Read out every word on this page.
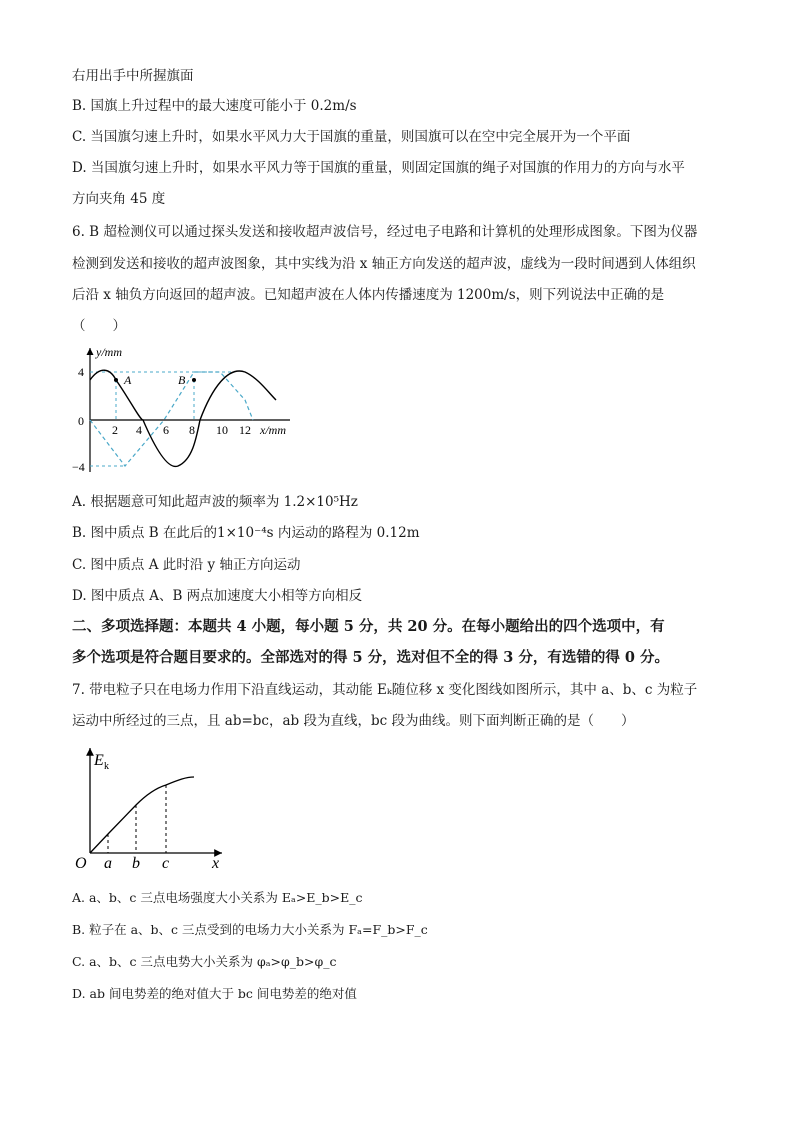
右用出手中所握旗面
B. 国旗上升过程中的最大速度可能小于 0.2m/s
C. 当国旗匀速上升时，如果水平风力大于国旗的重量，则国旗可以在空中完全展开为一个平面
D. 当国旗匀速上升时，如果水平风力等于国旗的重量，则固定国旗的绳子对国旗的作用力的方向与水平
方向夹角 45 度
6. B 超检测仪可以通过探头发送和接收超声波信号，经过电子电路和计算机的处理形成图象。下图为仪器
检测到发送和接收的超声波图象，其中实线为沿 x 轴正方向发送的超声波，虚线为一段时间遇到人体组织
后沿 x 轴负方向返回的超声波。已知超声波在人体内传播速度为 1200m/s，则下列说法中正确的是
（　　）
y/mm
x/mm
4
0
−4
2 4 6 8 10 12
A	B
A. 根据题意可知此超声波的频率为 1.2×10⁵Hz
B. 图中质点 B 在此后的1×10⁻⁴s 内运动的路程为 0.12m
C. 图中质点 A 此时沿 y 轴正方向运动
D. 图中质点 A、B 两点加速度大小相等方向相反
二、多项选择题：本题共 4 小题，每小题 5 分，共 20 分。在每小题给出的四个选项中，有
多个选项是符合题目要求的。全部选对的得 5 分，选对但不全的得 3 分，有选错的得 0 分。
7. 带电粒子只在电场力作用下沿直线运动，其动能 Eₖ随位移 x 变化图线如图所示，其中 a、b、c 为粒子
运动中所经过的三点，且 ab=bc，ab 段为直线，bc 段为曲线。则下面判断正确的是（　　）
E k
O	x
a b c
A. a、b、c 三点电场强度大小关系为 Eₐ>E_b>E_c
B. 粒子在 a、b、c 三点受到的电场力大小关系为 Fₐ=F_b>F_c
C. a、b、c 三点电势大小关系为 φₐ>φ_b>φ_c
D. ab 间电势差的绝对值大于 bc 间电势差的绝对值
